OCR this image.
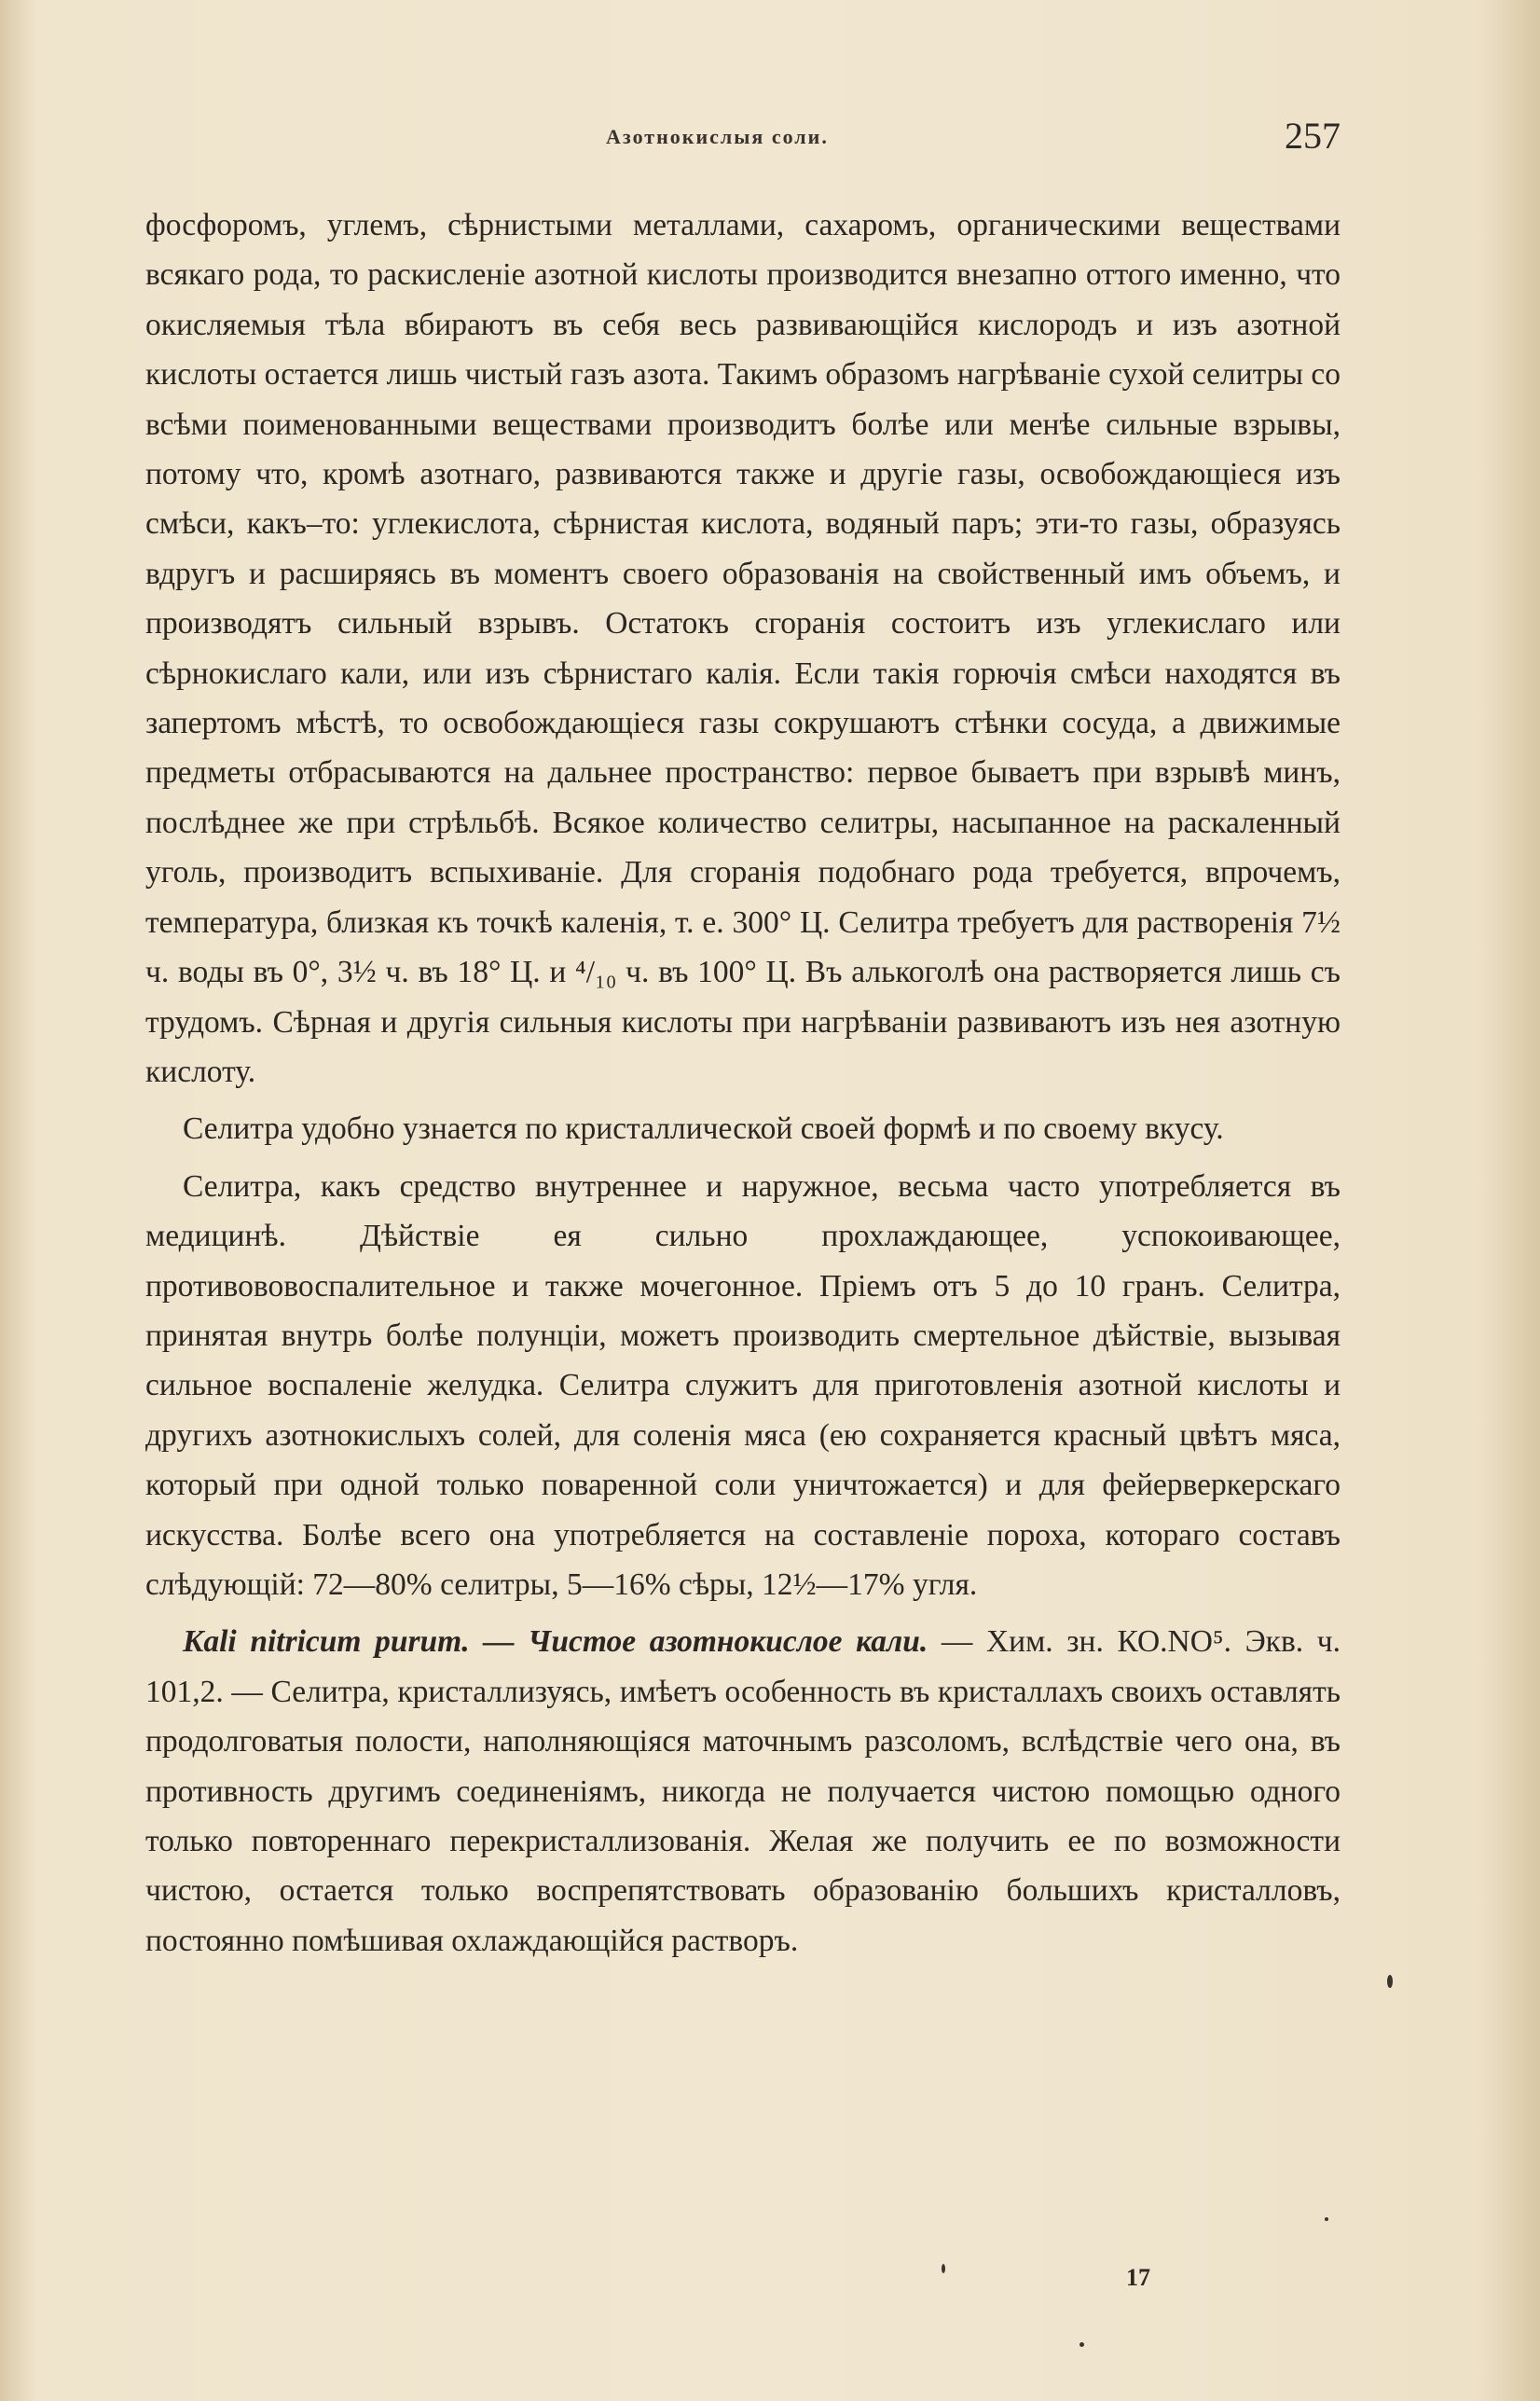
Азотнокислыя соли.	257

фосфоромъ, углемъ, сѣрнистыми металлами, сахаромъ, органическими веществами всякаго рода, то раскисленіе азотной кислоты производится внезапно оттого именно, что окисляемыя тѣла вбираютъ въ себя весь развивающійся кислородъ и изъ азотной кислоты остается лишь чистый газъ азота. Такимъ образомъ нагрѣваніе сухой селитры со всѣми поименованными веществами производитъ болѣе или менѣе сильные взрывы, потому что, кромѣ азотнаго, развиваются также и другіе газы, освобождающіеся изъ смѣси, какъ–то: углекислота, сѣрнистая кислота, водяный паръ; эти-то газы, образуясь вдругъ и расширяясь въ моментъ своего образованія на свойственный имъ объемъ, и производятъ сильный взрывъ. Остатокъ сгоранія состоитъ изъ углекислаго или сѣрнокислаго кали, или изъ сѣрнистаго калія. Если такія горючія смѣси находятся въ запертомъ мѣстѣ, то освобождающіеся газы сокрушаютъ стѣнки сосуда, а движимые предметы отбрасываются на дальнее пространство: первое бываетъ при взрывѣ минъ, послѣднее же при стрѣльбѣ. Всякое количество селитры, насыпанное на раскаленный уголь, производитъ вспыхиваніе. Для сгоранія подобнаго рода требуется, впрочемъ, температура, близкая къ точкѣ каленія, т. е. 300° Ц. Селитра требуетъ для растворенія 7½ ч. воды въ 0°, 3½ ч. въ 18° Ц. и ⁴/₁₀ ч. въ 100° Ц. Въ алькоголѣ она растворяется лишь съ трудомъ. Сѣрная и другія сильныя кислоты при нагрѣваніи развиваютъ изъ нея азотную кислоту.

Селитра удобно узнается по кристаллической своей формѣ и по своему вкусу.

Селитра, какъ средство внутреннее и наружное, весьма часто употребляется въ медицинѣ. Дѣйствіе ея сильно прохлаждающее, успокоивающее, противововоспалительное и также мочегонное. Пріемъ отъ 5 до 10 гранъ. Селитра, принятая внутрь болѣе полунціи, можетъ производить смертельное дѣйствіе, вызывая сильное воспаленіе желудка. Селитра служитъ для приготовленія азотной кислоты и другихъ азотнокислыхъ солей, для соленія мяса (ею сохраняется красный цвѣтъ мяса, который при одной только поваренной соли уничтожается) и для фейерверкерскаго искусства. Болѣе всего она употребляется на составленіе пороха, котораго составъ слѣдующій: 72—80% селитры, 5—16% сѣры, 12½—17% угля.

Kali nitricum purum. — Чистое азотнокислое кали. — Хим. зн. КО.NO⁵. Экв. ч. 101,2. — Селитра, кристаллизуясь, имѣетъ особенность въ кристаллахъ своихъ оставлять продолговатыя полости, наполняющіяся маточнымъ разсоломъ, вслѣдствіе чего она, въ противность другимъ соединеніямъ, никогда не получается чистою помощью одного только повтореннаго перекристаллизованія. Желая же получить ее по возможности чистою, остается только воспрепятствовать образованію большихъ кристалловъ, постоянно помѣшивая охлаждающійся растворъ.

17
